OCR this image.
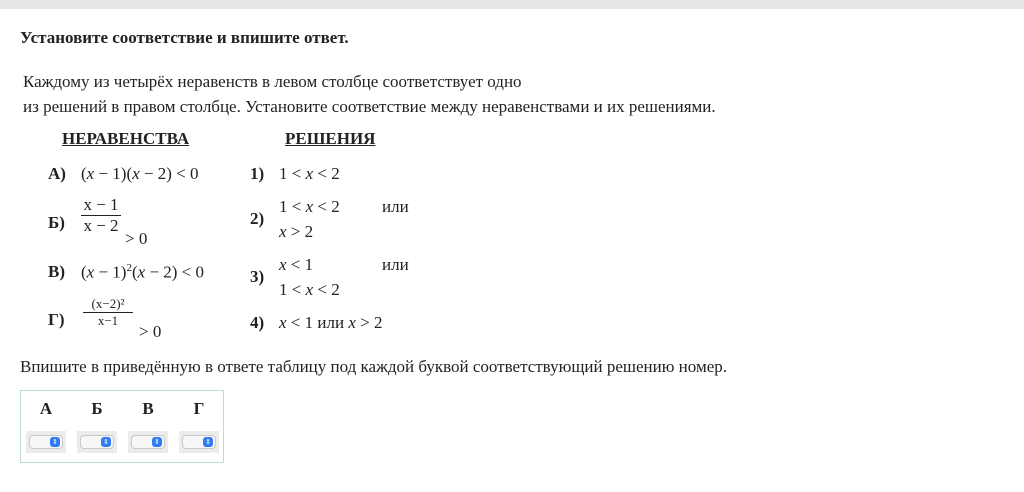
Установите соответствие и впишите ответ.
Каждому из четырёх неравенств в левом столбце соответствует одно
из решений в правом столбце. Установите соответствие между неравенствами и их решениями.
НЕРАВЕНСТВА	РЕШЕНИЯ
А) (x − 1)(x − 2) < 0
Б)
x − 1
x − 2
> 0
В) $(x - 1)^2(x - 2) < 0$
Г)
(x−2)²
x−1
> 0
1) 1 < x < 2
2)
1 < x < 2 или
x > 2
3)
x < 1	или
1 < x < 2
4) x < 1 или x > 2
Впишите в приведённую в ответе таблицу под каждой буквой соответствующий решению номер.
А	Б	В	Г
⇕	⇕	⇕	⇕
